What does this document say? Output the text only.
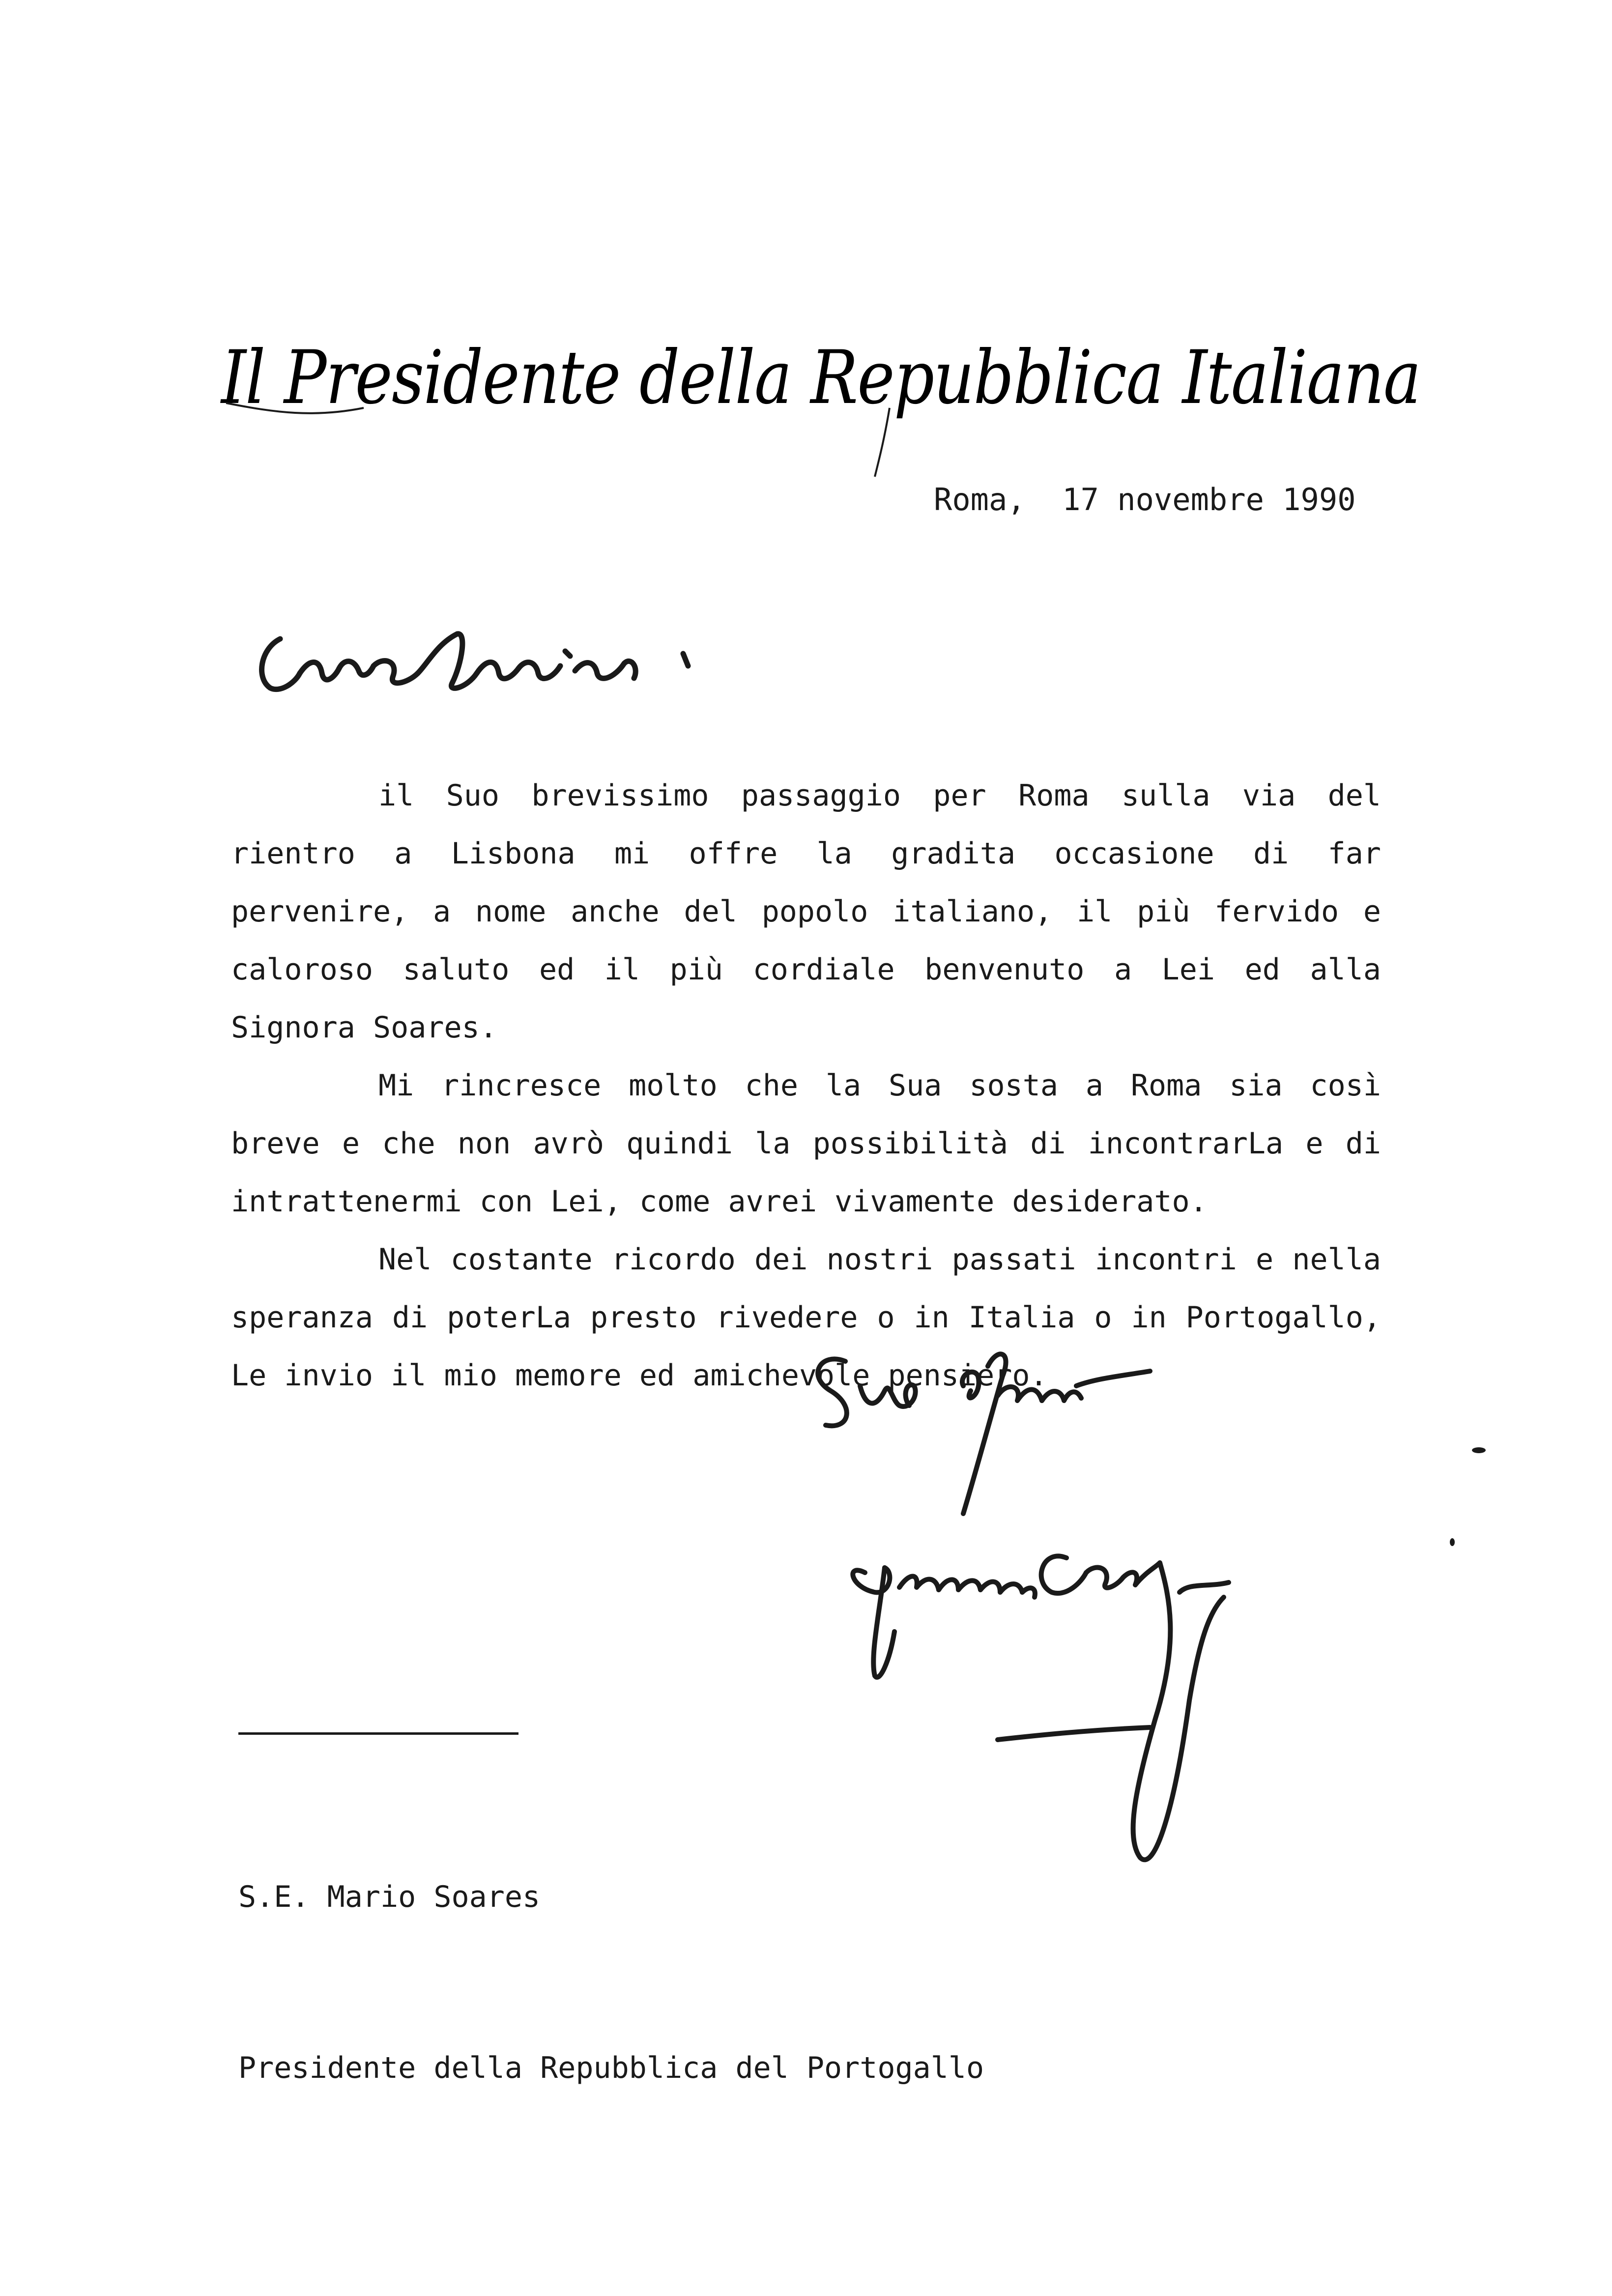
Il Presidente della Repubblica Italiana
Roma, 17 novembre 1990

il Suo brevissimo passaggio per Roma sulla via del rientro a Lisbona mi offre la gradita occasione di far pervenire, a nome anche del popolo italiano, il più fervido e caloroso saluto ed il più cordiale benvenuto a Lei ed alla Signora Soares.

Mi rincresce molto che la Sua sosta a Roma sia così breve e che non avrò quindi la possibilità di incontrarLa e di intrattenermi con Lei, come avrei vivamente desiderato.

Nel costante ricordo dei nostri passati incontri e nella speranza di poterLa presto rivedere o in Italia o in Portogallo, Le invio il mio memore ed amichevole pensiero.

S.E. Mario Soares

Presidente della Repubblica del Portogallo
